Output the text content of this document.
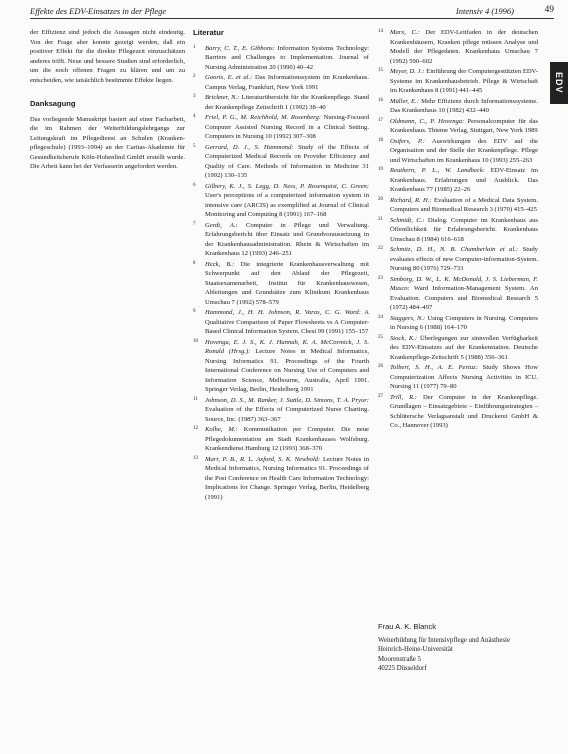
Effekte des EDV-Einsatzes in der Pflege	Intensiv 4 (1996)	49
EDV

der Effizienz sind jedoch die Aussagen nicht eindeutig. Von der Frage aber konnte gezeigt werden, daß ein positiver Effekt für die direkte Pflegezeit einzuschätzen anderes trifft. Neue und bessere Studien sind erforderlich, um die noch offenen Fragen zu klären und um zu entscheiden, wie tatsächlich bestimmte Effekte liegen.

Danksagung

Das vorliegende Manuskript basiert auf einer Facharbeit, die im Rahmen der Weiterbildungslehrgangs zur Leitungskraft im Pflegedienst an Schulen (Kranken-pflegeschule) (1993–1994) an der Caritas-Akademie für Gesundheitsberufe Köln-Hohenlind GmbH erstellt wurde. Die Arbeit kann bei der Verfasserin angefordert werden.

Literatur
1 Barry, C. T., E. Gibbons: Information Systems Technology: Barriers and Challenges to Implementation. Journal of Nursing Administration 20 (1990) 40–42
2 Goorts, E. et al.: Das Informationssystem im Krankenhaus. Campus Verlag, Frankfurt, New York 1991
3 Brickner, N.: Literaturübersicht für die Krankenpflege. Stand der Krankenpflege Zeitschrift 1 (1992) 38–40
4 Friel, P. G., M. Reichhold, M. Rosenberg: Nursing-Focused Computer Assisted Nursing Record in a Clinical Setting. Computers in Nursing 10 (1992) 307–308
5 Gerrard, D. J., S. Hammond: Study of the Effects of Computerized Medical Records on Provider Efficiency and Quality of Care. Methods of Information in Medicine 31 (1992) 130–135
6 Gilbery, K. J., S. Legg, D. Ness, P. Rosenquist, C. Green: User's perceptions of a computerized information system in intensive care (ARCIS) as exemplified at Journal of Clinical Monitoring and Computing 8 (1991) 167–168
7 Gerdt, A.: Computer in Pflege und Verwaltung. Erfahrungsbericht über Einsatz und Grundvoraussetzung in der Krankenhausadministration. Rhein & Wirtschaften im Krankenhaus 12 (1993) 246–251
8 Heck, B.: Die integrierte Krankenhausverwaltung mit Schwerpunkt auf den Ablauf der Pflegezeit, Staatsexamenarbeit, Institut für Krankenhauswesen, Ableitungen und Grundsätze zum Klinikum Krankenhaus Umschau 7 (1992) 578–579
9 Hammond, J., H. H. Johnson, R. Varas, C. G. Ward: A Qualitative Comparison of Paper Flowsheets vs A Computer-Based Clinical Information System. Chest 99 (1991) 155–157
10 Hovenga, E. J. S., K. J. Hannah, K. A. McCormick, J. S. Ronald (Hrsg.): Lecture Notes in Medical Informatics, Nursing Informatics 91. Proceedings of the Fourth International Conference on Nursing Use of Computers and Information Science, Melbourne, Australia, April 1991. Springer Verlag, Berlin, Heidelberg 1991
11 Johnson, D. S., M. Ranker, J. Suttle, D. Simons, T. A. Pryor: Evaluation of the Effects of Computerized Nurse Charting. Source, Inc. (1987) 363–367
12 Kolbe, M.: Kommunikation per Computer. Die neue Pflegedokumentation am Stadt Krankenhauses Wolfsburg. Krankendienst Hamburg 12 (1993) 368–370
13 Marr, P. B., R. L. Axford, S. K. Newbold: Lecture Notes in Medical Informatics, Nursing Informatics 91. Proceedings of the Post Conference on Health Care Information Technology: Implications for Change. Springer Verlag, Berlin, Heidelberg (1991)
14 Marx, C.: Der EDV-Leitfaden in der deutschen Krankenhäusern, Kranken pflege müssen Analyse und Modell der Pflegedaten. Krankenhaus Umschau 7 (1992) 590–602
15 Meyer, D. J.: Einführung der Computergestützten EDV-Systeme im Krankenhausbetrieb. Pflege & Wirtschaft im Krankenhaus 8 (1991) 441–445
16 Müller, E.: Mehr Effizienz durch Informationssysteme. Das Krankenhaus 10 (1982) 432–440
17 Oldmann, C., P. Hovenga: Personalcomputer für das Krankenhaus. Thieme Verlag, Stuttgart, New York 1989
18 Ostfers, P.: Auswirkungen des EDV auf die Organisation und der Stelle der Krankenpflege. Pflege und Wirtschaften im Krankenhaus 10 (1993) 255–263
19 Reuthern, P. L., W. Landbeck: EDV-Einsatz im Krankenhaus. Erfahrungen und Ausblick. Das Krankenhaus 77 (1985) 22–26
20 Richard, R. H.: Evaluation of a Medical Data System. Computers and Biomedical Research 3 (1970) 415–425
21 Schmidt, C.: Dialog. Computer im Krankenhaus aus Öffentlichkeit für Erfahrungsbericht. Krankenhaus Umschau 8 (1984) 616–618
22 Schmitz, D. H., N. B. Chamberlain et al.: Study evaluates effects of new Computer-information-System. Nursing 80 (1976) 729–733
23 Simborg, D. W., L. K. McDonald, J. S. Lieberman, F. Musco: Ward Information-Management System. An Evaluation. Computers and Biomedical Research 5 (1972) 484–497
24 Staggers, N.: Using Computers in Nursing. Computers in Nursing 6 (1988) 164–170
25 Stock, K.: Überlegungen zur sinnvollen Verfügbarkeit des EDV-Einsatzes auf der Krankenstation. Deutsche Krankenpflege-Zeitschrift 5 (1988) 356–361
26 Tolbert, S. H., A. E. Pertuz: Study Shows How Computerization Affects Nursing Activities in ICU. Nursing 11 (1977) 79–80
27 Trill, R.: Der Computer in der Krankenpflege. Grundlagen – Einsatzgebiete – Einführungsstrategien – Schlütersche Verlagsanstalt und Druckerei GmbH & Co., Hannover (1993)
Frau A. K. Blanck
Weiterbildung für Intensivpflege und Anästhesie
Heinrich-Heine-Universität
Moorenstraße 5
40225 Düsseldorf
